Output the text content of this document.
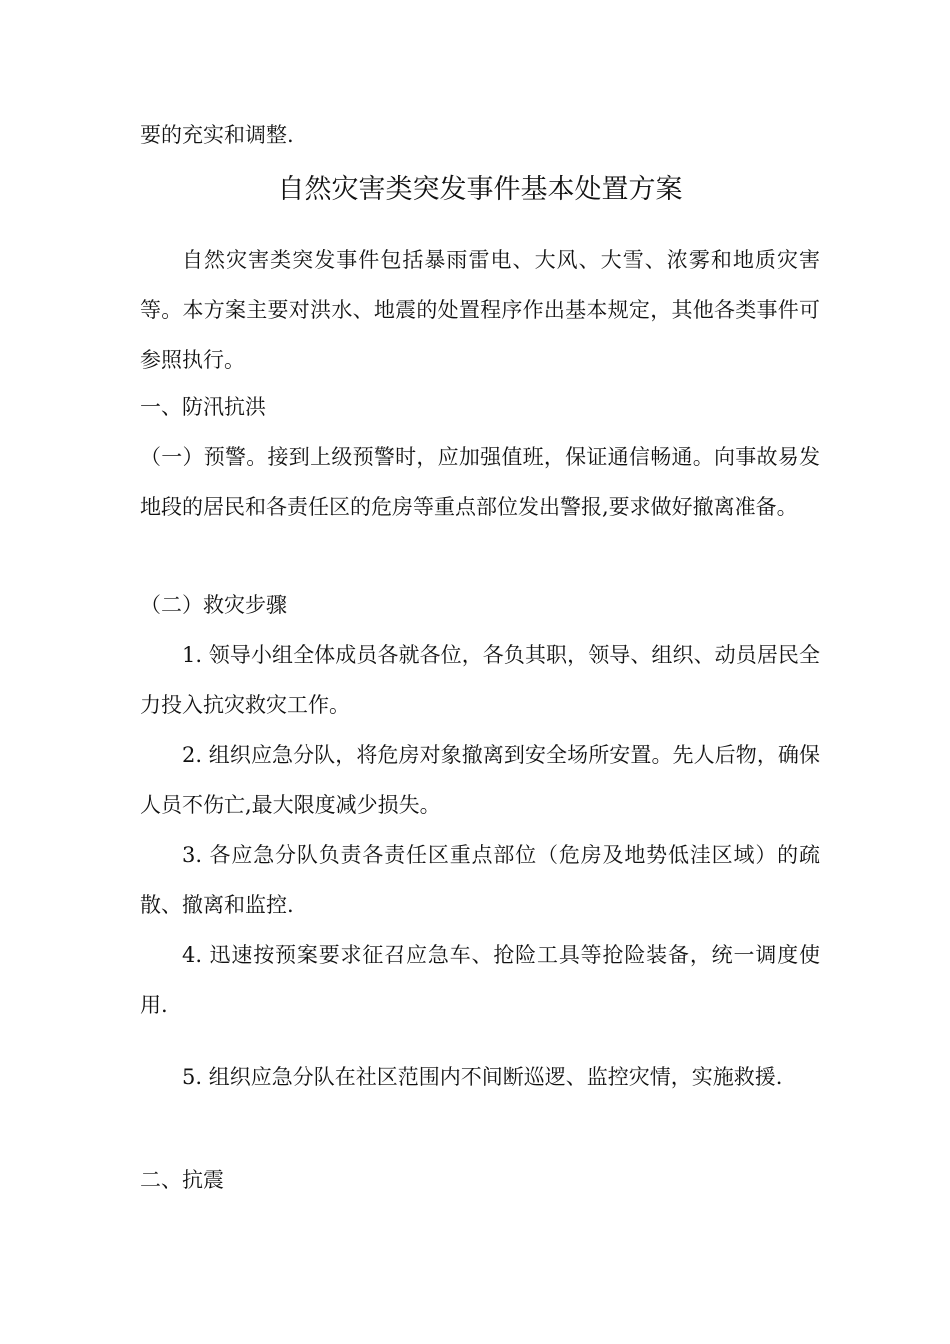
要的充实和调整.

自然灾害类突发事件基本处置方案

自然灾害类突发事件包括暴雨雷电、大风、大雪、浓雾和地质灾害等。本方案主要对洪水、地震的处置程序作出基本规定，其他各类事件可参照执行。

一、防汛抗洪

（一）预警。接到上级预警时，应加强值班，保证通信畅通。向事故易发地段的居民和各责任区的危房等重点部位发出警报,要求做好撤离准备。

（二）救灾步骤

1. 领导小组全体成员各就各位，各负其职，领导、组织、动员居民全力投入抗灾救灾工作。

2. 组织应急分队，将危房对象撤离到安全场所安置。先人后物，确保人员不伤亡,最大限度减少损失。

3. 各应急分队负责各责任区重点部位（危房及地势低洼区域）的疏散、撤离和监控.

4. 迅速按预案要求征召应急车、抢险工具等抢险装备，统一调度使用.

5. 组织应急分队在社区范围内不间断巡逻、监控灾情，实施救援.

二、抗震
